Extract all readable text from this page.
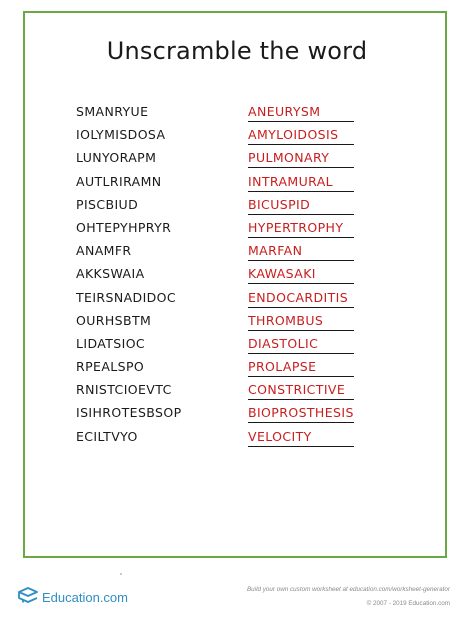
Unscramble the word
SMANRYUE	ANEURYSM
IOLYMISDOSA	AMYLOIDOSIS
LUNYORAPM	PULMONARY
AUTLRIRAMN	INTRAMURAL
PISCBIUD	BICUSPID
OHTEPYHPRYR	HYPERTROPHY
ANAMFR	MARFAN
AKKSWAIA	KAWASAKI
TEIRSNADIDOC	ENDOCARDITIS
OURHSBTM	THROMBUS
LIDATSIOC	DIASTOLIC
RPEALSPO	PROLAPSE
RNISTCIOEVTC	CONSTRICTIVE
ISIHROTESBSOP	BIOPROSTHESIS
ECILTVYO	VELOCITY
Education.com	Build your own custom worksheet at education.com/worksheet-generator
© 2007 - 2019 Education.com
